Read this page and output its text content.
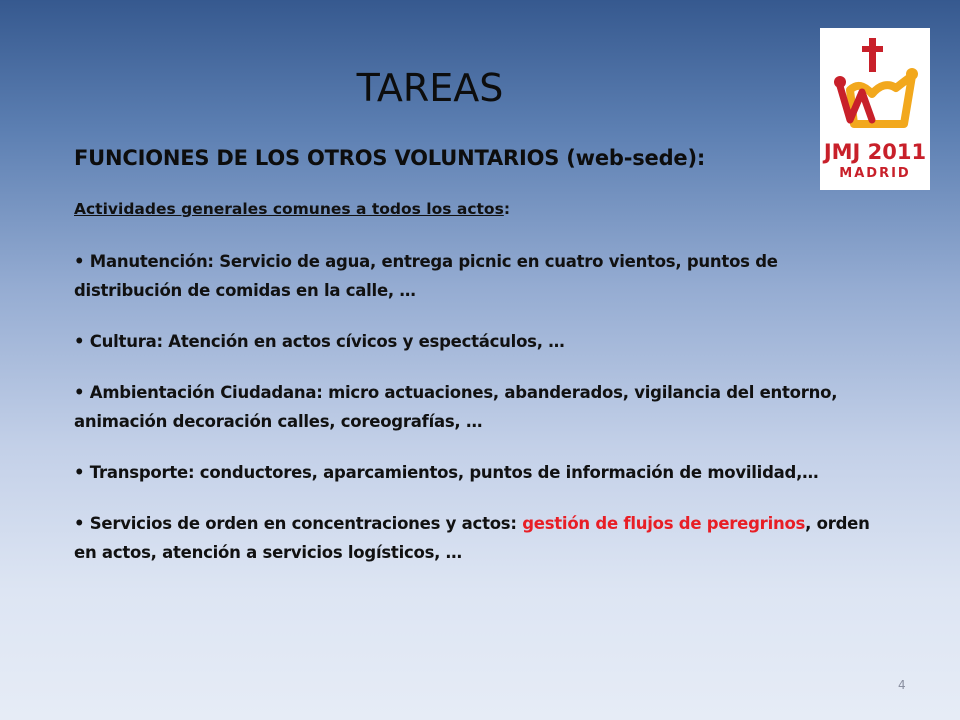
TAREAS
JMJ 2011
MADRID
FUNCIONES DE LOS OTROS VOLUNTARIOS (web-sede):
Actividades generales comunes a todos los actos:
• Manutención: Servicio de agua, entrega picnic en cuatro vientos, puntos de distribución de comidas en la calle, …
• Cultura: Atención en actos cívicos y espectáculos, …
• Ambientación Ciudadana: micro actuaciones, abanderados, vigilancia del entorno, animación decoración calles, coreografías, …
• Transporte: conductores, aparcamientos, puntos de información de movilidad,…
• Servicios de orden en concentraciones y actos: gestión de flujos de peregrinos, orden en actos, atención a servicios logísticos, …
4
